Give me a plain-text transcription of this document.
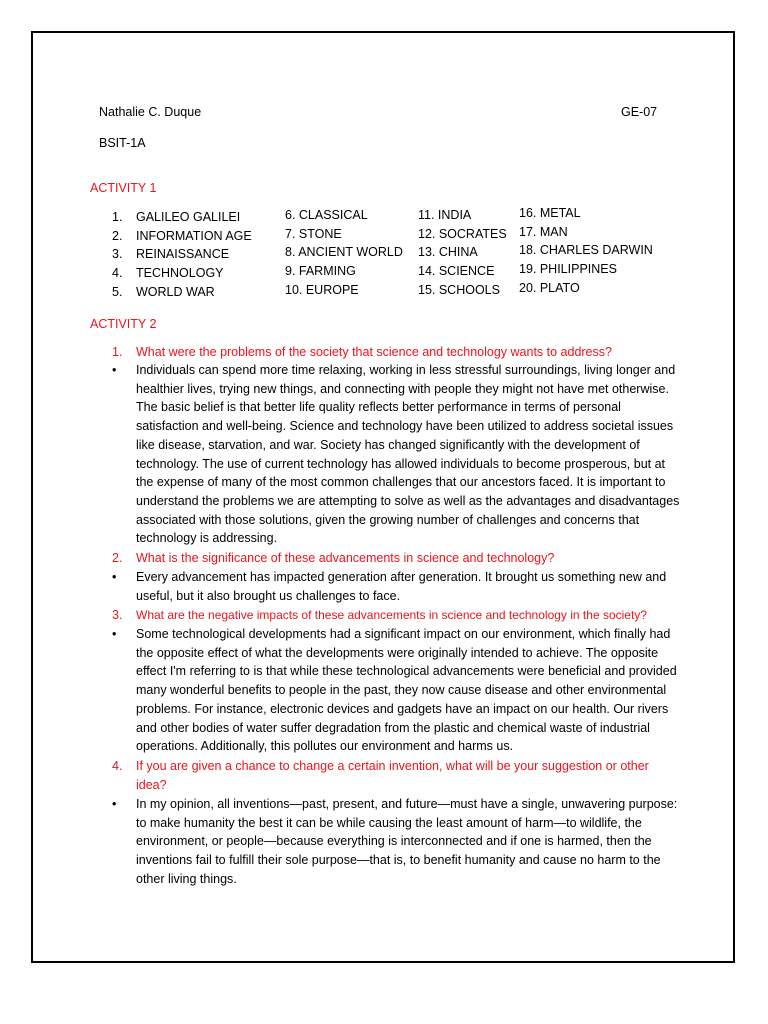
Nathalie C. Duque	GE-07
BSIT-1A
ACTIVITY 1
1. GALILEO GALILEI
2. INFORMATION AGE
3. REINAISSANCE
4. TECHNOLOGY
5. WORLD WAR
6. CLASSICAL
7. STONE
8. ANCIENT WORLD
9. FARMING
10. EUROPE
11. INDIA
12. SOCRATES
13. CHINA
14. SCIENCE
15. SCHOOLS
16. METAL
17. MAN
18. CHARLES DARWIN
19. PHILIPPINES
20. PLATO
ACTIVITY 2
1. What were the problems of the society that science and technology wants to address?
• Individuals can spend more time relaxing, working in less stressful surroundings, living longer and healthier lives, trying new things, and connecting with people they might not have met otherwise. The basic belief is that better life quality reflects better performance in terms of personal satisfaction and well-being. Science and technology have been utilized to address societal issues like disease, starvation, and war. Society has changed significantly with the development of technology. The use of current technology has allowed individuals to become prosperous, but at the expense of many of the most common challenges that our ancestors faced. It is important to understand the problems we are attempting to solve as well as the advantages and disadvantages associated with those solutions, given the growing number of challenges and concerns that technology is addressing.
2. What is the significance of these advancements in science and technology?
• Every advancement has impacted generation after generation. It brought us something new and useful, but it also brought us challenges to face.
3. What are the negative impacts of these advancements in science and technology in the society?
• Some technological developments had a significant impact on our environment, which finally had the opposite effect of what the developments were originally intended to achieve. The opposite effect I'm referring to is that while these technological advancements were beneficial and provided many wonderful benefits to people in the past, they now cause disease and other environmental problems. For instance, electronic devices and gadgets have an impact on our health. Our rivers and other bodies of water suffer degradation from the plastic and chemical waste of industrial operations. Additionally, this pollutes our environment and harms us.
4. If you are given a chance to change a certain invention, what will be your suggestion or other idea?
• In my opinion, all inventions—past, present, and future—must have a single, unwavering purpose: to make humanity the best it can be while causing the least amount of harm—to wildlife, the environment, or people—because everything is interconnected and if one is harmed, then the inventions fail to fulfill their sole purpose—that is, to benefit humanity and cause no harm to the other living things.
